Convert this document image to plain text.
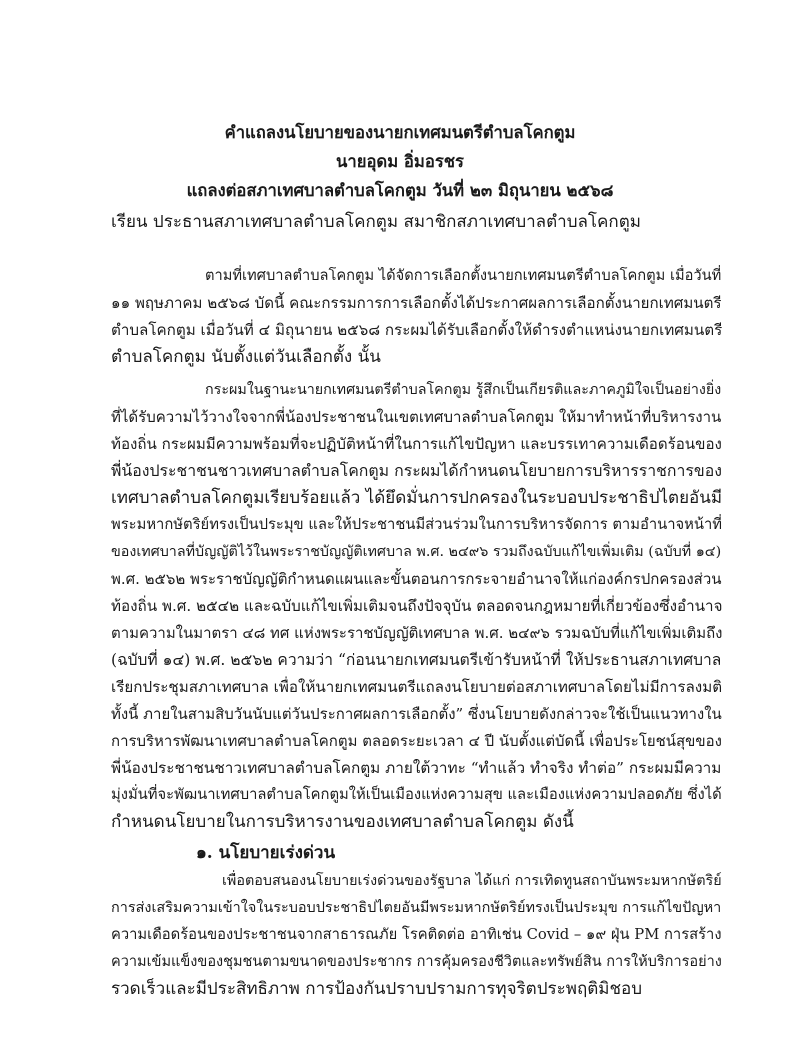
คำแถลงนโยบายของนายกเทศมนตรีตำบลโคกตูม
นายอุดม อิ่มอรชร
แถลงต่อสภาเทศบาลตำบลโคกตูม วันที่ ๒๓ มิถุนายน ๒๕๖๘
เรียน ประธานสภาเทศบาลตำบลโคกตูม สมาชิกสภาเทศบาลตำบลโคกตูม
ตามที่เทศบาลตำบลโคกตูม ได้จัดการเลือกตั้งนายกเทศมนตรีตำบลโคกตูม เมื่อวันที่
๑๑ พฤษภาคม ๒๕๖๘ บัดนี้ คณะกรรมการการเลือกตั้งได้ประกาศผลการเลือกตั้งนายกเทศมนตรี
ตำบลโคกตูม เมื่อวันที่ ๔ มิถุนายน ๒๕๖๘ กระผมได้รับเลือกตั้งให้ดำรงตำแหน่งนายกเทศมนตรี
ตำบลโคกตูม นับตั้งแต่วันเลือกตั้ง นั้น
กระผมในฐานะนายกเทศมนตรีตำบลโคกตูม รู้สึกเป็นเกียรติและภาคภูมิใจเป็นอย่างยิ่ง
ที่ได้รับความไว้วางใจจากพี่น้องประชาชนในเขตเทศบาลตำบลโคกตูม ให้มาทำหน้าที่บริหารงาน
ท้องถิ่น กระผมมีความพร้อมที่จะปฏิบัติหน้าที่ในการแก้ไขปัญหา และบรรเทาความเดือดร้อนของ
พี่น้องประชาชนชาวเทศบาลตำบลโคกตูม กระผมได้กำหนดนโยบายการบริหารราชการของ
เทศบาลตำบลโคกตูมเรียบร้อยแล้ว ได้ยึดมั่นการปกครองในระบอบประชาธิปไตยอันมี
พระมหากษัตริย์ทรงเป็นประมุข และให้ประชาชนมีส่วนร่วมในการบริหารจัดการ ตามอำนาจหน้าที่
ของเทศบาลที่บัญญัติไว้ในพระราชบัญญัติเทศบาล พ.ศ. ๒๔๙๖ รวมถึงฉบับแก้ไขเพิ่มเติม (ฉบับที่ ๑๔)
พ.ศ. ๒๕๖๒ พระราชบัญญัติกำหนดแผนและขั้นตอนการกระจายอำนาจให้แก่องค์กรปกครองส่วน
ท้องถิ่น พ.ศ. ๒๕๔๒ และฉบับแก้ไขเพิ่มเติมจนถึงปัจจุบัน ตลอดจนกฎหมายที่เกี่ยวข้องซึ่งอำนาจ
ตามความในมาตรา ๔๘ ทศ แห่งพระราชบัญญัติเทศบาล พ.ศ. ๒๔๙๖ รวมฉบับที่แก้ไขเพิ่มเติมถึง
(ฉบับที่ ๑๔) พ.ศ. ๒๕๖๒ ความว่า “ก่อนนายกเทศมนตรีเข้ารับหน้าที่ ให้ประธานสภาเทศบาล
เรียกประชุมสภาเทศบาล เพื่อให้นายกเทศมนตรีแถลงนโยบายต่อสภาเทศบาลโดยไม่มีการลงมติ
ทั้งนี้ ภายในสามสิบวันนับแต่วันประกาศผลการเลือกตั้ง” ซึ่งนโยบายดังกล่าวจะใช้เป็นแนวทางใน
การบริหารพัฒนาเทศบาลตำบลโคกตูม ตลอดระยะเวลา ๔ ปี นับตั้งแต่บัดนี้ เพื่อประโยชน์สุขของ
พี่น้องประชาชนชาวเทศบาลตำบลโคกตูม ภายใต้วาทะ “ทำแล้ว ทำจริง ทำต่อ” กระผมมีความ
มุ่งมั่นที่จะพัฒนาเทศบาลตำบลโคกตูมให้เป็นเมืองแห่งความสุข และเมืองแห่งความปลอดภัย ซึ่งได้
กำหนดนโยบายในการบริหารงานของเทศบาลตำบลโคกตูม ดังนี้
๑. นโยบายเร่งด่วน
เพื่อตอบสนองนโยบายเร่งด่วนของรัฐบาล ได้แก่ การเทิดทูนสถาบันพระมหากษัตริย์
การส่งเสริมความเข้าใจในระบอบประชาธิปไตยอันมีพระมหากษัตริย์ทรงเป็นประมุข การแก้ไขปัญหา
ความเดือดร้อนของประชาชนจากสาธารณภัย โรคติดต่อ อาทิเช่น Covid – ๑๙ ฝุ่น PM การสร้าง
ความเข้มแข็งของชุมชนตามขนาดของประชากร การคุ้มครองชีวิตและทรัพย์สิน การให้บริการอย่าง
รวดเร็วและมีประสิทธิภาพ การป้องกันปราบปรามการทุจริตประพฤติมิชอบ
